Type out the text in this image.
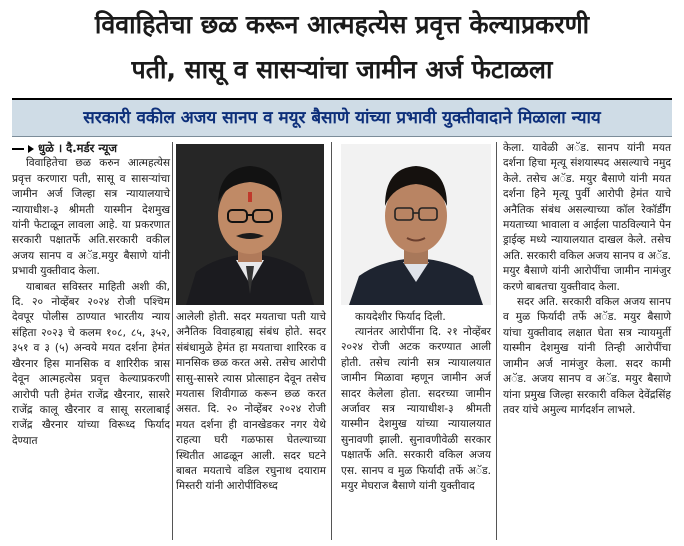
विवाहितेचा छळ करून आत्महत्येस प्रवृत्त केल्याप्रकरणी
पती, सासू व सासऱ्यांचा जामीन अर्ज फेटाळला
सरकारी वकील अजय सानप व मयूर बैसाणे यांच्या प्रभावी युक्तीवादाने मिळाला न्याय

धुळे । दै.मर्डर न्यूज

विवाहितेचा छळ करुन आत्महत्येस प्रवृत्त करणारा पती, सासू व सासऱ्यांचा जामीन अर्ज जिल्हा सत्र न्यायालयाचे न्यायाधीश-३ श्रीमती यास्मीन देशमुख यांनी फेटाळून लावला आहे. या प्रकरणात सरकारी पक्षातर्फे अति.सरकारी वकील अजय सानप व अॅड.मयुर बैसाणे यांनी प्रभावी युक्तीवाद केला.

याबाबत सविस्तर माहिती अशी की, दि. २० नोव्हेंबर २०२४ रोजी पश्चिम देवपूर पोलीस ठाण्यात भारतीय न्याय संहिता २०२३ चे कलम १०८, ८५, ३५२, ३५१ व ३ (५) अन्वये मयत दर्शना हेमंत खैरनार हिस मानसिक व शारिरीक त्रास देवून आत्महत्येस प्रवृत्त केल्याप्रकरणी आरोपी पती हेमंत राजेंद्र खैरनार, सासरे राजेंद्र कालू खैरनार व सासू सरलाबाई राजेंद्र खैरनार यांच्या विरूध्द फिर्याद देण्यात

आलेली होती. सदर मयताचा पती याचे अनैतिक विवाहबाह्य संबंध होते. सदर संबंधामुळे हेमंत हा मयताचा शारिरक व मानसिक छळ करत असे. तसेच आरोपी सासु-सासरे त्यास प्रोत्साहन देवून तसेच मयतास शिवीगाळ करून छळ करत असत. दि. २० नोव्हेंबर २०२४ रोजी मयत दर्शना ही वानखेडकर नगर येथे राहत्या घरी गळफास घेतल्याच्या स्थितीत आढळून आली. सदर घटने बाबत मयताचे वडिल रघुनाथ दयाराम मिस्तरी यांनी आरोपींविरुध्द

कायदेशीर फिर्याद दिली.

त्यानंतर आरोपींना दि. २१ नोव्हेंबर २०२४ रोजी अटक करण्यात आली होती. तसेच त्यांनी सत्र न्यायालयात जामीन मिळावा म्हणून जामीन अर्ज सादर केलेला होता. सदरच्या जामीन अर्जावर सत्र न्यायाधीश-३ श्रीमती यास्मीन देशमुख यांच्या न्यायालयात सुनावणी झाली. सुनावणीवेळी सरकार पक्षातर्फे अति. सरकारी वकिल अजय एस. सानप व मुळ फिर्यादी तर्फे अॅड. मयुर मेघराज बैसाणे यांनी युक्तीवाद

केला. यावेळी अॅड. सानप यांनी मयत दर्शना हिचा मृत्यू संशयास्पद असल्याचे नमुद केले. तसेच अॅड. मयुर बैसाणे यांनी मयत दर्शना हिने मृत्यू पुर्वी आरोपी हेमंत याचे अनैतिक संबंध असल्याच्या कॉल रेकॉर्डींग मयताच्या भावाला व आईला पाठविल्याने पेन ड्राईव्ह मध्ये न्यायालयात दाखल केले. तसेच अति. सरकारी वकिल अजय सानप व अॅड. मयुर बैसाणे यांनी आरोपींचा जामीन नामंजुर करणे बाबतचा युक्तीवाद केला.

सदर अति. सरकारी वकिल अजय सानप व मुळ फिर्यादी तर्फे अॅड. मयुर बैसाणे यांचा युक्तीवाद लक्षात घेता सत्र न्यायमुर्ती यास्मीन देशमुख यांनी तिन्ही आरोपींचा जामीन अर्ज नामंजुर केला. सदर कामी अॅड. अजय सानप व अॅड. मयुर बैसाणे यांना प्रमुख जिल्हा सरकारी वकिल देवेंद्रसिंह तवर यांचे अमुल्य मार्गदर्शन लाभले.
